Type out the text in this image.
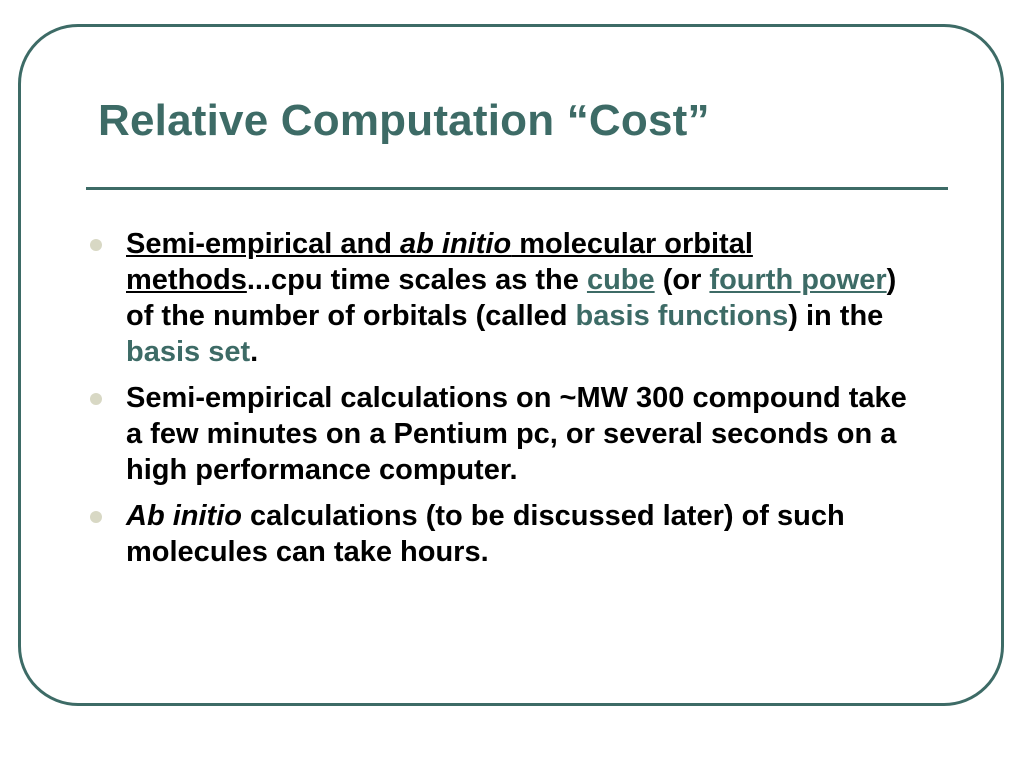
Relative Computation “Cost”
Semi-empirical and ab initio molecular orbital methods...cpu time scales as the cube (or fourth power) of the number of orbitals (called basis functions) in the basis set.
Semi-empirical calculations on ~MW 300 compound take a few minutes on a Pentium pc, or several seconds on a high performance computer.
Ab initio calculations (to be discussed later) of such molecules can take hours.
